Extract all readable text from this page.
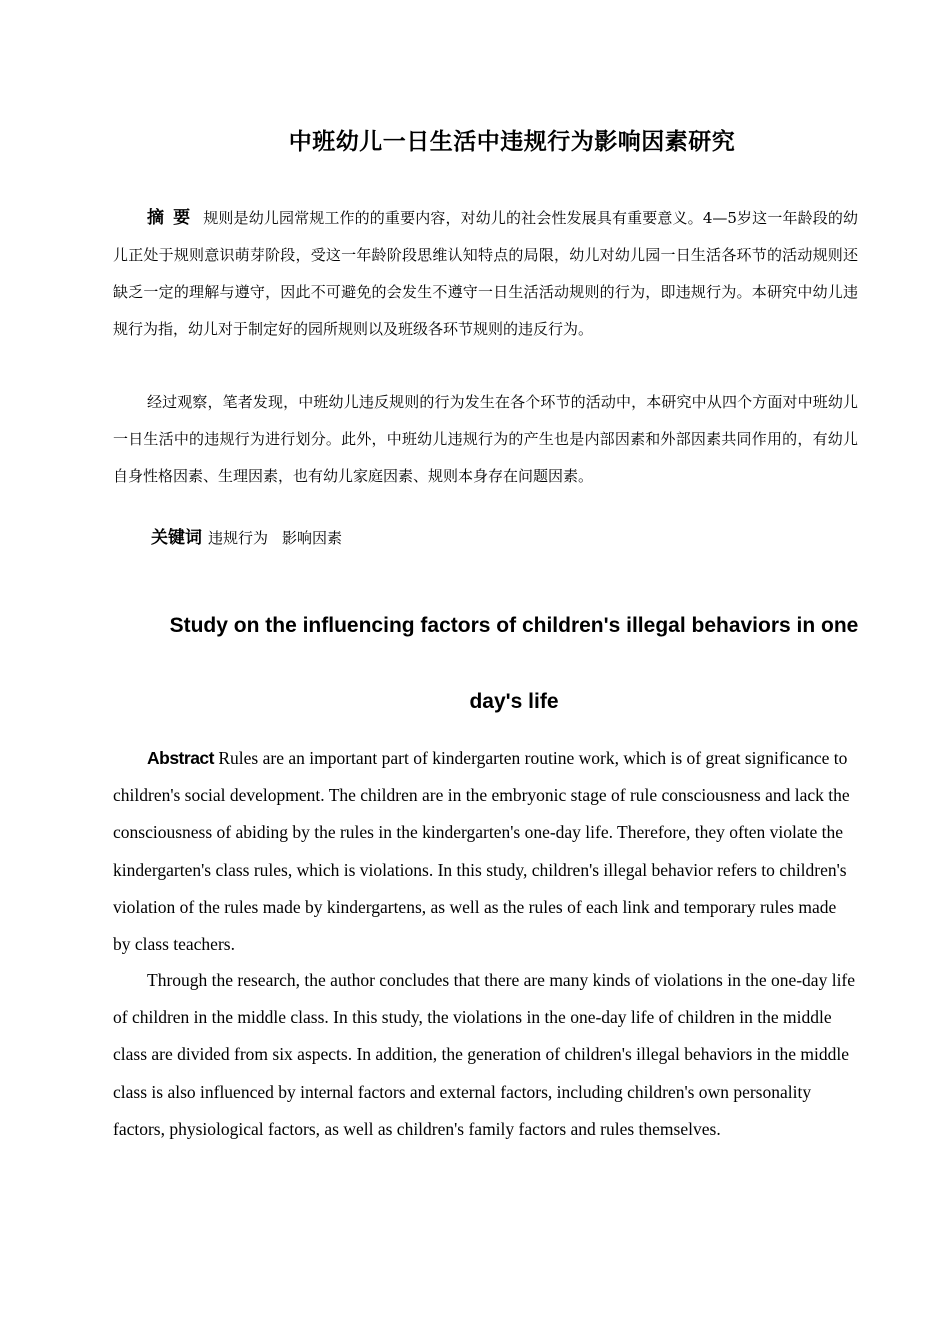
中班幼儿一日生活中违规行为影响因素研究

摘要 规则是幼儿园常规工作的的重要内容，对幼儿的社会性发展具有重要意义。4—5岁这一年龄段的幼儿正处于规则意识萌芽阶段，受这一年龄阶段思维认知特点的局限，幼儿对幼儿园一日生活各环节的活动规则还缺乏一定的理解与遵守，因此不可避免的会发生不遵守一日生活活动规则的行为，即违规行为。本研究中幼儿违规行为指，幼儿对于制定好的园所规则以及班级各环节规则的违反行为。

经过观察，笔者发现，中班幼儿违反规则的行为发生在各个环节的活动中，本研究中从四个方面对中班幼儿一日生活中的违规行为进行划分。此外，中班幼儿违规行为的产生也是内部因素和外部因素共同作用的，有幼儿自身性格因素、生理因素，也有幼儿家庭因素、规则本身存在问题因素。

关键词 违规行为 影响因素

Study on the influencing factors of children's illegal behaviors in one day's life

Abstract Rules are an important part of kindergarten routine work, which is of great significance to children's social development. The children are in the embryonic stage of rule consciousness and lack the consciousness of abiding by the rules in the kindergarten's one-day life. Therefore, they often violate the kindergarten's class rules, which is violations. In this study, children's illegal behavior refers to children's violation of the rules made by kindergartens, as well as the rules of each link and temporary rules made by class teachers.

Through the research, the author concludes that there are many kinds of violations in the one-day life of children in the middle class. In this study, the violations in the one-day life of children in the middle class are divided from six aspects. In addition, the generation of children's illegal behaviors in the middle class is also influenced by internal factors and external factors, including children's own personality factors, physiological factors, as well as children's family factors and rules themselves.
